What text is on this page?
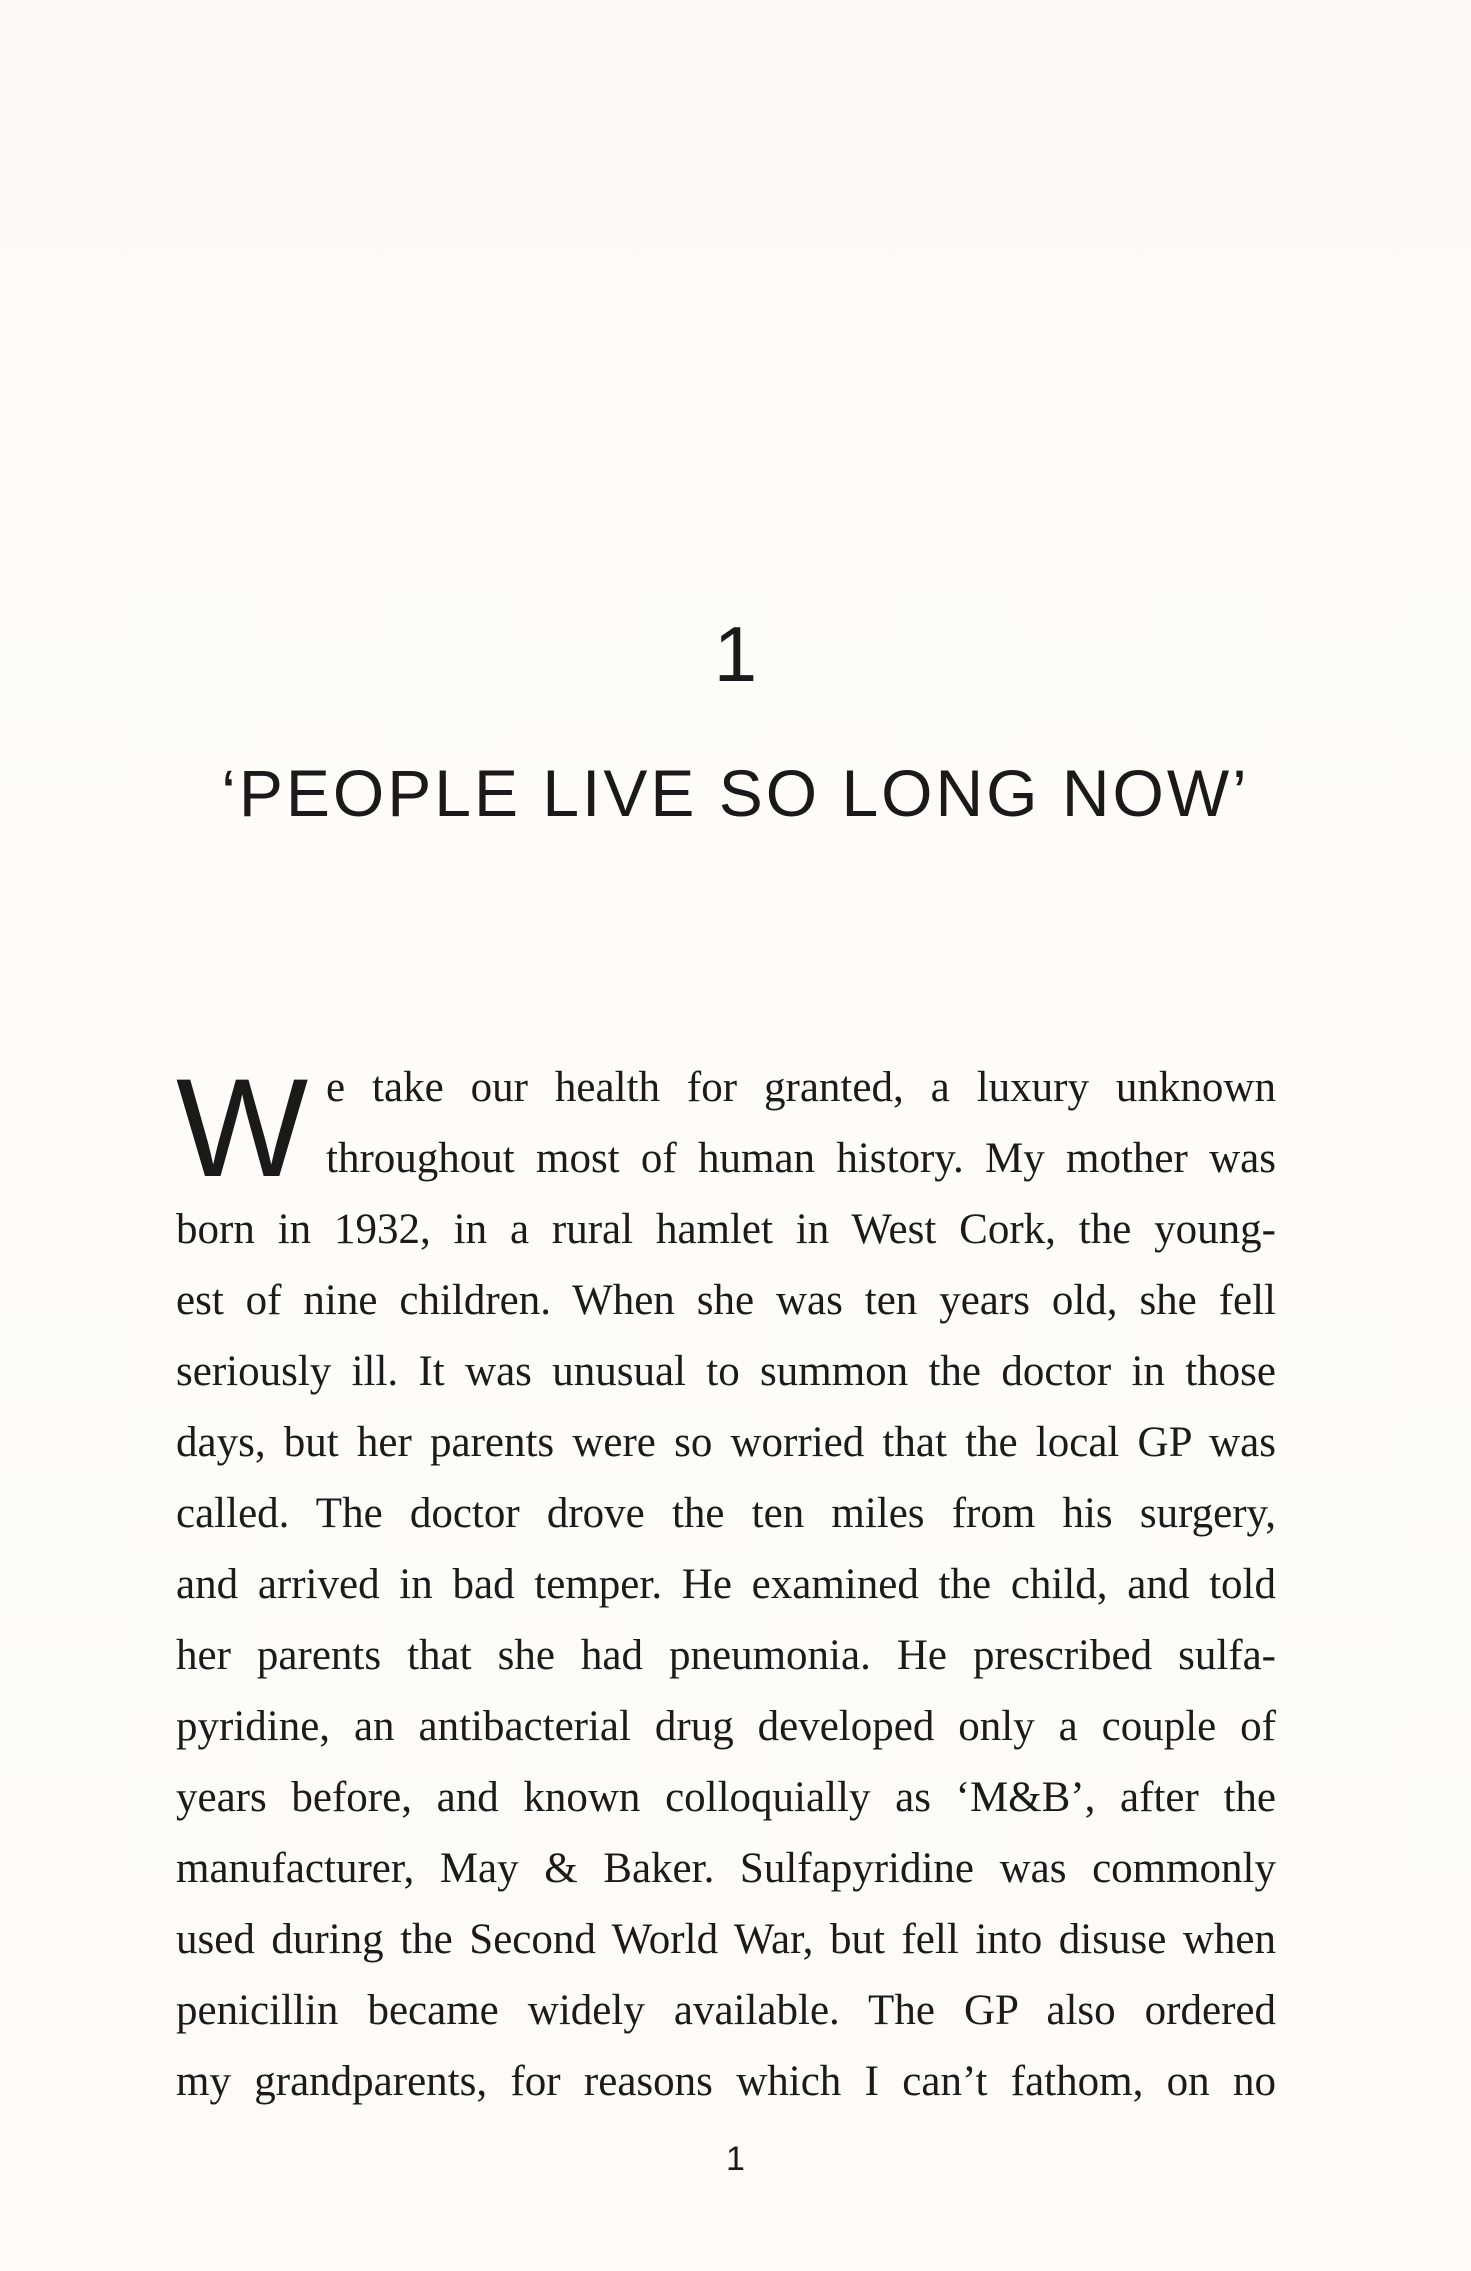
1
‘PEOPLE LIVE SO LONG NOW’
W e take our health for granted, a luxury unknown
throughout most of human history. My mother was
born in 1932, in a rural hamlet in West Cork, the young-
est of nine children. When she was ten years old, she fell
seriously ill. It was unusual to summon the doctor in those
days, but her parents were so worried that the local GP was
called. The doctor drove the ten miles from his surgery,
and arrived in bad temper. He examined the child, and told
her parents that she had pneumonia. He prescribed sulfa-
pyridine, an antibacterial drug developed only a couple of
years before, and known colloquially as ‘M&B’, after the
manufacturer, May & Baker. Sulfapyridine was commonly
used during the Second World War, but fell into disuse when
penicillin became widely available. The GP also ordered
my grandparents, for reasons which I can’t fathom, on no
1
